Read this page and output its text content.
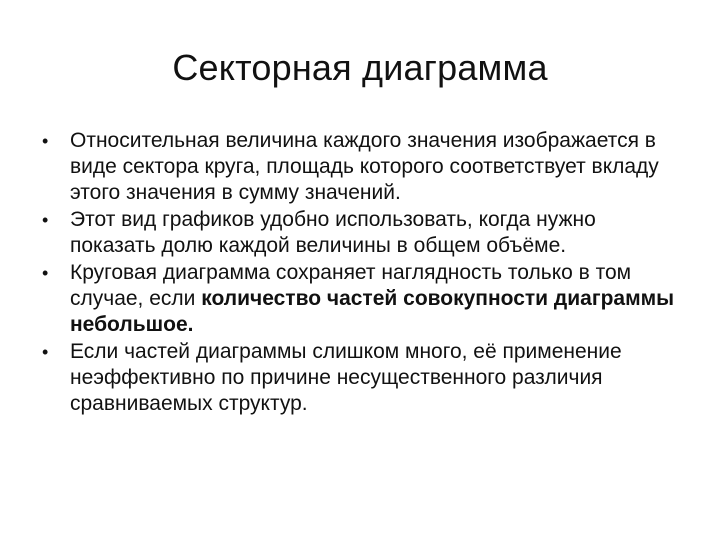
Секторная диаграмма
•	Относительная величина каждого значения изображается в виде сектора круга, площадь которого соответствует вкладу этого значения в сумму значений.
•	Этот вид графиков удобно использовать, когда нужно показать долю каждой величины в общем объёме.
•	Круговая диаграмма сохраняет наглядность только в том случае, если количество частей совокупности диаграммы небольшое.
•	Если частей диаграммы слишком много, её применение неэффективно по причине несущественного различия сравниваемых структур.
